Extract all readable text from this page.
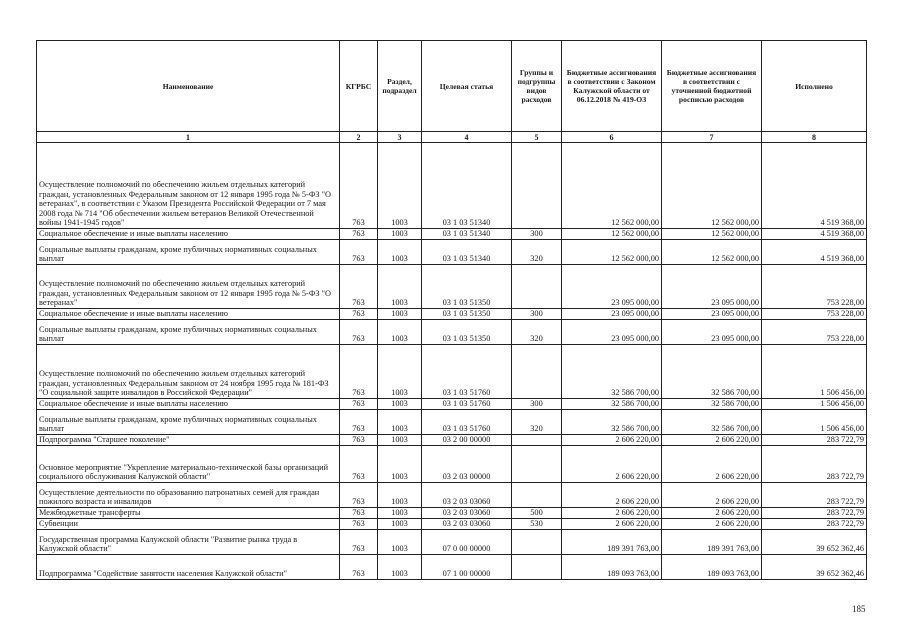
Наименование	КГРБС	Раздел, подраздел	Целевая статья	Группы и подгруппы видов расходов	Бюджетные ассигнования в соответствии с Законом Калужской области от 06.12.2018 № 419-ОЗ	Бюджетные ассигнования в соответствии с уточненной бюджетной росписью расходов	Исполнено
1	2	3	4	5	6	7	8
Осуществление полномочий по обеспечению жильем отдельных категорий граждан, установленных Федеральным законом от 12 января 1995 года № 5-ФЗ "О ветеранах", в соответствии с Указом Президента Российской Федерации от 7 мая 2008 года № 714 "Об обеспечении жильем ветеранов Великой Отечественной войны 1941-1945 годов"	763	1003	03 1 03 51340		12 562 000,00	12 562 000,00	4 519 368,00
Социальное обеспечение и иные выплаты населению	763	1003	03 1 03 51340	300	12 562 000,00	12 562 000,00	4 519 368,00
Социальные выплаты гражданам, кроме публичных нормативных социальных выплат	763	1003	03 1 03 51340	320	12 562 000,00	12 562 000,00	4 519 368,00
Осуществление полномочий по обеспечению жильем отдельных категорий граждан, установленных Федеральным законом от 12 января 1995 года № 5-ФЗ "О ветеранах"	763	1003	03 1 03 51350		23 095 000,00	23 095 000,00	753 228,00
Социальное обеспечение и иные выплаты населению	763	1003	03 1 03 51350	300	23 095 000,00	23 095 000,00	753 228,00
Социальные выплаты гражданам, кроме публичных нормативных социальных выплат	763	1003	03 1 03 51350	320	23 095 000,00	23 095 000,00	753 228,00
Осуществление полномочий по обеспечению жильем отдельных категорий граждан, установленных Федеральным законом от 24 ноября 1995 года № 181-ФЗ "О социальной защите инвалидов в Российской Федерации"	763	1003	03 1 03 51760		32 586 700,00	32 586 700,00	1 506 456,00
Социальное обеспечение и иные выплаты населению	763	1003	03 1 03 51760	300	32 586 700,00	32 586 700,00	1 506 456,00
Социальные выплаты гражданам, кроме публичных нормативных социальных выплат	763	1003	03 1 03 51760	320	32 586 700,00	32 586 700,00	1 506 456,00
Подпрограмма "Старшее поколение"	763	1003	03 2 00 00000		2 606 220,00	2 606 220,00	283 722,79
Основное мероприятие "Укрепление материально-технической базы организаций социального обслуживания Калужской области"	763	1003	03 2 03 00000		2 606 220,00	2 606 220,00	283 722,79
Осуществление деятельности по образованию патронатных семей для граждан пожилого возраста и инвалидов	763	1003	03 2 03 03060		2 606 220,00	2 606 220,00	283 722,79
Межбюджетные трансферты	763	1003	03 2 03 03060	500	2 606 220,00	2 606 220,00	283 722,79
Субвенции	763	1003	03 2 03 03060	530	2 606 220,00	2 606 220,00	283 722,79
Государственная программа Калужской области "Развитие рынка труда в Калужской области"	763	1003	07 0 00 00000		189 391 763,00	189 391 763,00	39 652 362,46
Подпрограмма "Содействие занятости населения Калужской области"	763	1003	07 1 00 00000		189 093 763,00	189 093 763,00	39 652 362,46
185
